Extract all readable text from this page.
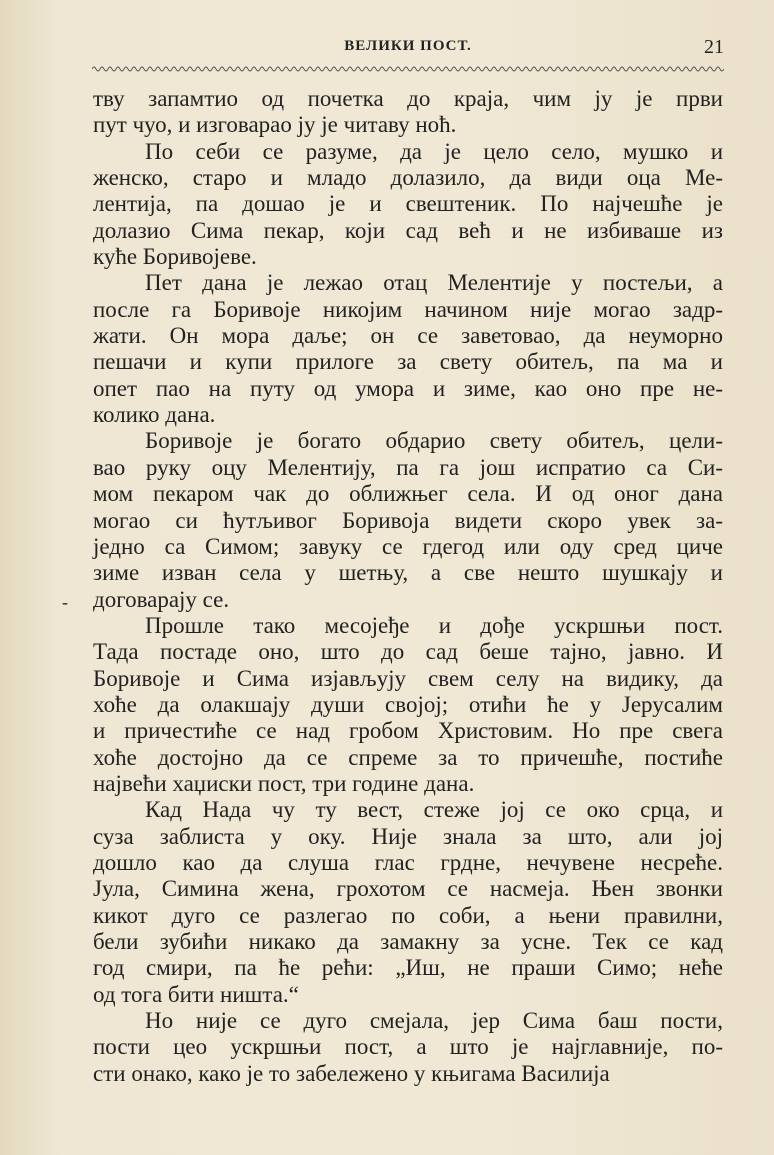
ВЕЛИКИ ПОСТ.	21
-
тву запамтио од почетка до краја, чим ју је први
пут чуо, и изговарао ју је читаву ноћ.
По себи се разуме, да је цело село, мушко и
женско, старо и младо долазило, да види оца Ме-
лентија, па дошао је и свештеник. По најчешће је
долазио Сима пекар, који сад већ и не избиваше из
куће Боривојеве.
Пет дана је лежао отац Мелентије у постељи, а
после га Боривоје никојим начином није могао задр-
жати. Он мора даље; он се заветовао, да неуморно
пешачи и купи прилоге за свету обитељ, па ма и
опет пао на путу од умора и зиме, као оно пре не-
колико дана.
Боривоје је богато обдарио свету обитељ, цели-
вао руку оцу Мелентију, па га још испратио са Си-
мом пекаром чак до оближњег села. И од оног дана
могао си ћутљивог Боривоја видети скоро увек за-
једно са Симом; завуку се гдегод или оду сред циче
зиме изван села у шетњу, а све нешто шушкају и
договарају се.
Прошле тако месојеђе и дође ускршњи пост.
Тада постаде оно, што до сад беше тајно, јавно. И
Боривоје и Сима изјављују свем селу на видику, да
хоће да олакшају души својој; отићи ће у Јерусалим
и причестиће се над гробом Христовим. Но пре свега
хоће достојно да се спреме за то причешће, постиће
највећи хаџиски пост, три године дана.
Кад Нада чу ту вест, стеже јој се око срца, и
суза заблиста у оку. Није знала за што, али јој
дошло као да слуша глас грдне, нечувене несреће.
Јула, Симина жена, грохотом се насмеја. Њен звонки
кикот дуго се разлегао по соби, а њени правилни,
бели зубићи никако да замакну за усне. Тек се кад
год смири, па ће рећи: „Иш, не праши Симо; неће
од тога бити ништа.“
Но није се дуго смејала, јер Сима баш пости,
пости цео ускршњи пост, а што је најглавније, по-
сти онако, како је то забележено у књигама Василија
